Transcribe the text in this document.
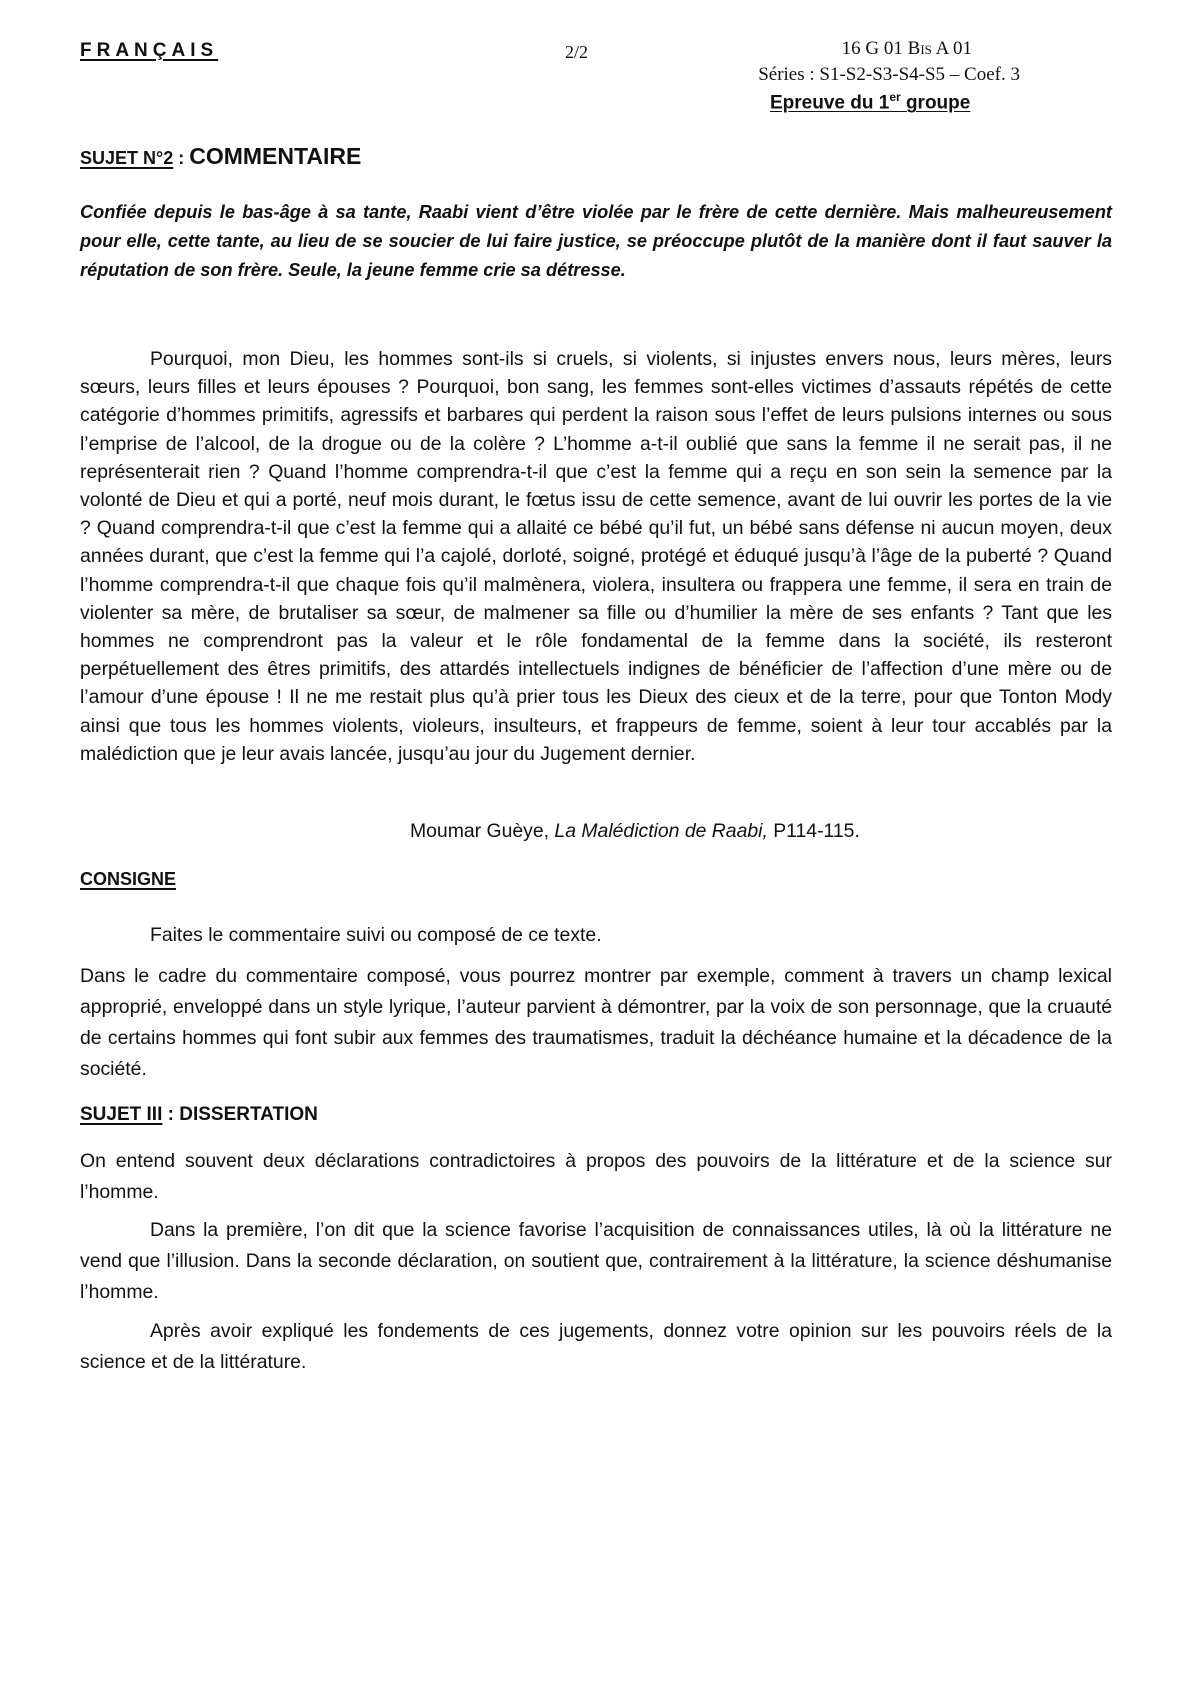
FRANÇAIS	2/2	16 G 01 Bis A 01
Séries : S1-S2-S3-S4-S5 – Coef. 3
Epreuve du 1er groupe
SUJET N°2 : COMMENTAIRE
Confiée depuis le bas-âge à sa tante, Raabi vient d’être violée par le frère de cette dernière. Mais malheureusement pour elle, cette tante, au lieu de se soucier de lui faire justice, se préoccupe plutôt de la manière dont il faut sauver la réputation de son frère. Seule, la jeune femme crie sa détresse.
Pourquoi, mon Dieu, les hommes sont-ils si cruels, si violents, si injustes envers nous, leurs mères, leurs sœurs, leurs filles et leurs épouses ? Pourquoi, bon sang, les femmes sont-elles victimes d’assauts répétés de cette catégorie d’hommes primitifs, agressifs et barbares qui perdent la raison sous l’effet de leurs pulsions internes ou sous l’emprise de l’alcool, de la drogue ou de la colère ? L’homme a-t-il oublié que sans la femme il ne serait pas, il ne représenterait rien ? Quand l’homme comprendra-t-il que c’est la femme qui a reçu en son sein la semence par la volonté de Dieu et qui a porté, neuf mois durant, le fœtus issu de cette semence, avant de lui ouvrir les portes de la vie ? Quand comprendra-t-il que c’est la femme qui a allaité ce bébé qu’il fut, un bébé sans défense ni aucun moyen, deux années durant, que c’est la femme qui l’a cajolé, dorloté, soigné, protégé et éduqué jusqu’à l’âge de la puberté ? Quand l’homme comprendra-t-il que chaque fois qu’il malmènera, violera, insultera ou frappera une femme, il sera en train de violenter sa mère, de brutaliser sa sœur, de malmener sa fille ou d’humilier la mère de ses enfants ? Tant que les hommes ne comprendront pas la valeur et le rôle fondamental de la femme dans la société, ils resteront perpétuellement des êtres primitifs, des attardés intellectuels indignes de bénéficier de l’affection d’une mère ou de l’amour d’une épouse ! Il ne me restait plus qu’à prier tous les Dieux des cieux et de la terre, pour que Tonton Mody ainsi que tous les hommes violents, violeurs, insulteurs, et frappeurs de femme, soient à leur tour accablés par la malédiction que je leur avais lancée, jusqu’au jour du Jugement dernier.
Moumar Guèye, La Malédiction de Raabi, P114-115.
CONSIGNE
Faites le commentaire suivi ou composé de ce texte.
Dans le cadre du commentaire composé, vous pourrez montrer par exemple, comment à travers un champ lexical approprié, enveloppé dans un style lyrique, l’auteur parvient à démontrer, par la voix de son personnage, que la cruauté de certains hommes qui font subir aux femmes des traumatismes, traduit la déchéance humaine et la décadence de la société.
SUJET III : DISSERTATION
On entend souvent deux déclarations contradictoires à propos des pouvoirs de la littérature et de la science sur l’homme.
Dans la première, l’on dit que la science favorise l’acquisition de connaissances utiles, là où la littérature ne vend que l’illusion. Dans la seconde déclaration, on soutient que, contrairement à la littérature, la science déshumanise l’homme.
Après avoir expliqué les fondements de ces jugements, donnez votre opinion sur les pouvoirs réels de la science et de la littérature.
